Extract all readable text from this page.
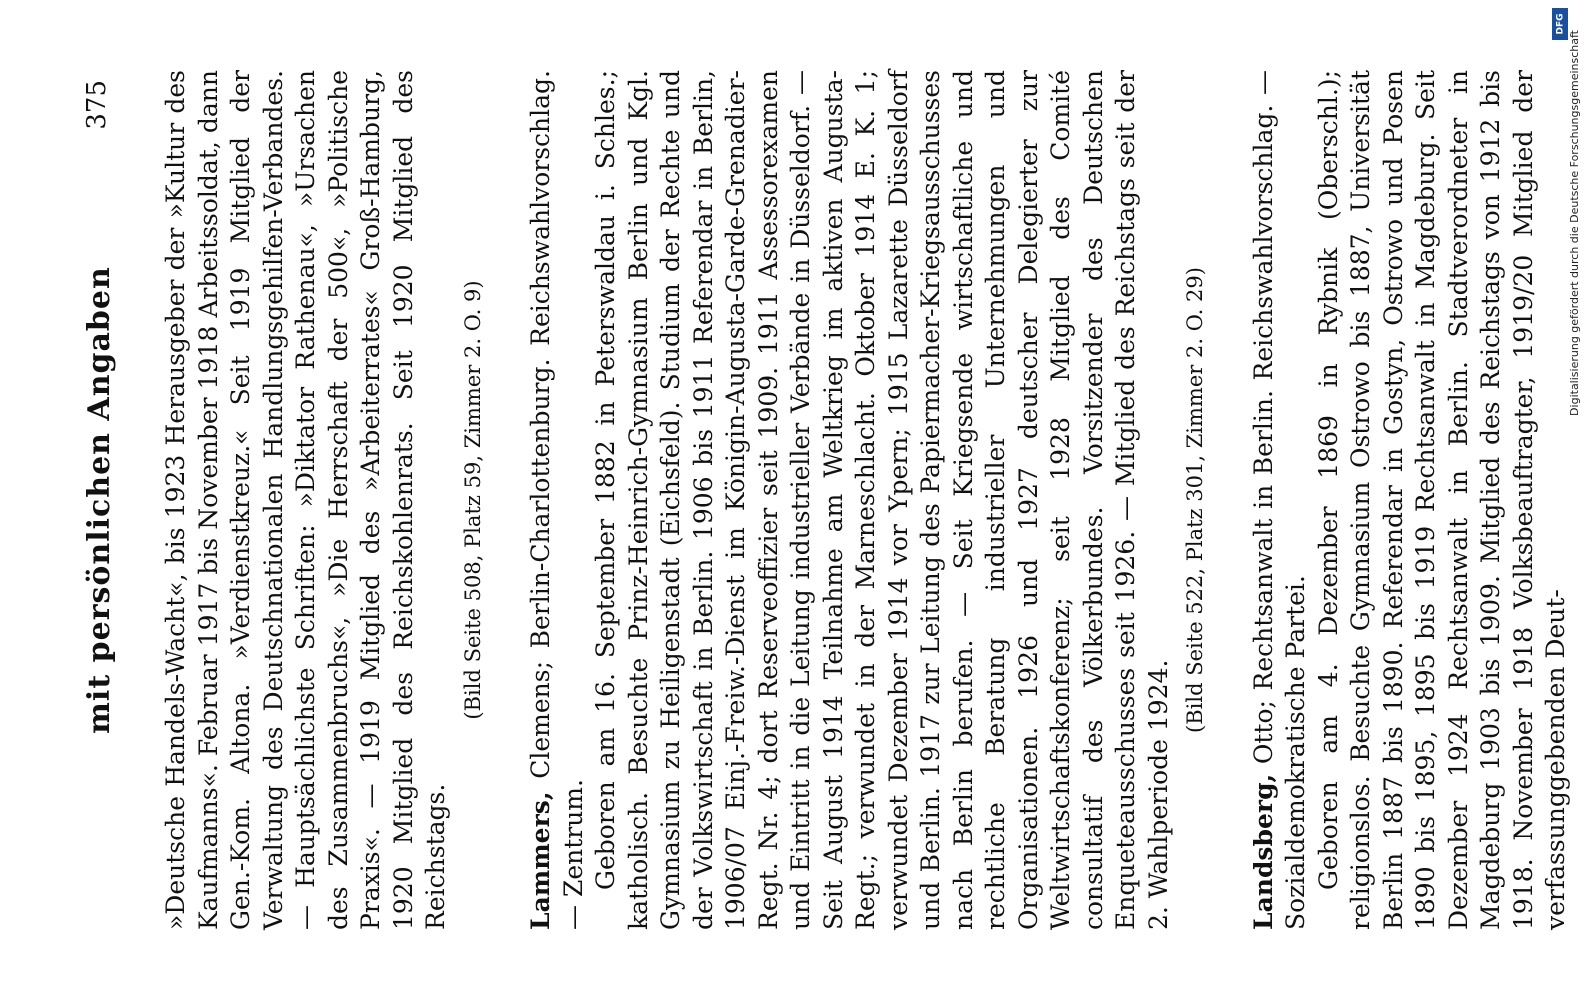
mit persönlichen Angaben
375 »Deutsche Handels-Wacht«, bis 1923 Herausgeber der »Kultur des Kaufmanns«. Februar 1917 bis November 1918 Arbeitssoldat, dann Gen.-Kom. Altona. »Verdienstkreuz.« Seit 1919 Mitglied der Verwaltung des Deutschnationalen Handlungsgehilfen-Verbandes. — Hauptsächlichste Schriften: »Diktator Rathenau«, »Ursachen des Zusammenbruchs«, »Die Herrschaft der 500«, »Politische Praxis«. — 1919 Mitglied des »Arbeiterrates« Groß-Hamburg, 1920 Mitglied des Reichskohlenrats. Seit 1920 Mitglied des Reichstags.

(Bild Seite 508, Platz 59, Zimmer 2. O. 9)

Lammers, Clemens; Berlin-Charlottenburg. Reichswahlvorschlag. — Zentrum. Geboren am 16. September 1882 in Peterswaldau i. Schles.; katholisch. Besuchte Prinz-Heinrich-Gymnasium Berlin und Kgl. Gymnasium zu Heiligenstadt (Eichsfeld). Studium der Rechte und der Volkswirtschaft in Berlin. 1906 bis 1911 Referendar in Berlin, 1906/07 Einj.-Freiw.-Dienst im Königin-Augusta-Garde-Grenadier-Regt. Nr. 4; dort Reserveoffizier seit 1909. 1911 Assessorexamen und Eintritt in die Leitung industrieller Verbände in Düsseldorf. — Seit August 1914 Teilnahme am Weltkrieg im aktiven Augusta-Regt.; verwundet in der Marneschlacht. Oktober 1914 E. K. 1; verwundet Dezember 1914 vor Ypern; 1915 Lazarette Düsseldorf und Berlin. 1917 zur Leitung des Papiermacher-Kriegsausschusses nach Berlin berufen. — Seit Kriegsende wirtschaftliche und rechtliche Beratung industrieller Unternehmungen und Organisationen. 1926 und 1927 deutscher Delegierter zur Weltwirtschaftskonferenz; seit 1928 Mitglied des Comité consultatif des Völkerbundes. Vorsitzender des Deutschen Enqueteausschusses seit 1926. — Mitglied des Reichstags seit der 2. Wahlperiode 1924.

(Bild Seite 522, Platz 301, Zimmer 2. O. 29)

Landsberg, Otto; Rechtsanwalt in Berlin. Reichswahlvorschlag. — Sozialdemokratische Partei. Geboren am 4. Dezember 1869 in Rybnik (Oberschl.); religionslos. Besuchte Gymnasium Ostrowo bis 1887, Universität Berlin 1887 bis 1890. Referendar in Gostyn, Ostrowo und Posen 1890 bis 1895, 1895 bis 1919 Rechtsanwalt in Magdeburg. Seit Dezember 1924 Rechtsanwalt in Berlin. Stadtverordneter in Magdeburg 1903 bis 1909. Mitglied des Reichstags von 1912 bis 1918. November 1918 Volksbeauftragter, 1919/20 Mitglied der verfassunggebenden Deut-

Digitalisierung gefördert durch die Deutsche Forschungsgemeinschaft
DFG
